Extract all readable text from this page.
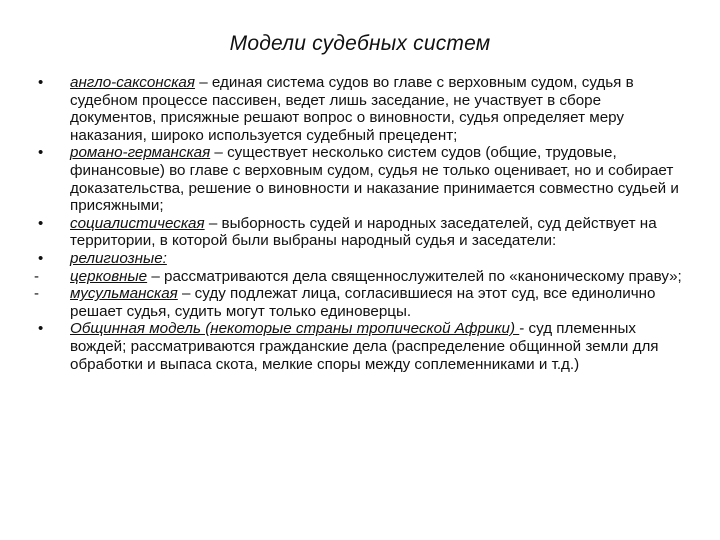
Модели судебных систем
•	англо-саксонская – единая система судов во главе с верховным судом, судья в судебном процессе пассивен, ведет лишь заседание, не участвует в сборе документов, присяжные решают вопрос о виновности, судья определяет меру наказания, широко используется судебный прецедент;
•	романо-германская – существует несколько систем судов (общие, трудовые, финансовые) во главе с верховным судом, судья не только оценивает, но и собирает доказательства, решение о виновности и наказание принимается совместно судьей и присяжными;
•	социалистическая – выборность судей и народных заседателей, суд действует на территории, в которой были выбраны народный судья и заседатели:
•	религиозные:
-	церковные – рассматриваются дела священнослужителей по «каноническому праву»;
-	мусульманская – суду подлежат лица, согласившиеся на этот суд, все единолично решает судья, судить могут только единоверцы.
•	Общинная модель (некоторые страны тропической Африки) - суд племенных вождей; рассматриваются гражданские дела (распределение общинной земли для обработки и выпаса скота, мелкие споры между соплеменниками и т.д.)
